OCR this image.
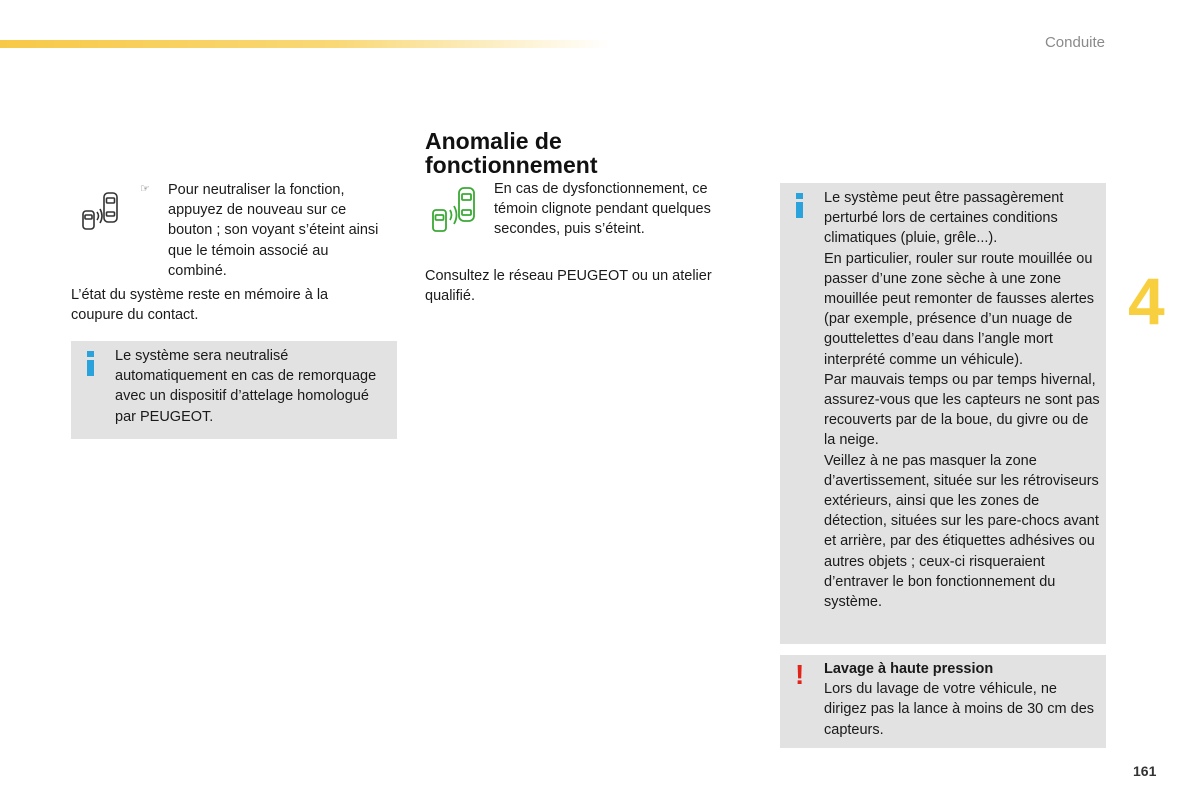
Conduite
4
☞ Pour neutraliser la fonction, appuyez de nouveau sur ce bouton ; son voyant s’éteint ainsi que le témoin associé au combiné.
L’état du système reste en mémoire à la coupure du contact.
Le système sera neutralisé automatiquement en cas de remorquage avec un dispositif d’attelage homologué par PEUGEOT.
Anomalie de fonctionnement
En cas de dysfonctionnement, ce témoin clignote pendant quelques secondes, puis s’éteint.
Consultez le réseau PEUGEOT ou un atelier qualifié.
Le système peut être passagèrement perturbé lors de certaines conditions climatiques (pluie, grêle...).
En particulier, rouler sur route mouillée ou passer d’une zone sèche à une zone mouillée peut remonter de fausses alertes (par exemple, présence d’un nuage de gouttelettes d’eau dans l’angle mort interprété comme un véhicule).
Par mauvais temps ou par temps hivernal, assurez-vous que les capteurs ne sont pas recouverts par de la boue, du givre ou de la neige.
Veillez à ne pas masquer la zone d’avertissement, située sur les rétroviseurs extérieurs, ainsi que les zones de détection, situées sur les pare-chocs avant et arrière, par des étiquettes adhésives ou autres objets ; ceux-ci risqueraient d’entraver le bon fonctionnement du système.
! Lavage à haute pression
Lors du lavage de votre véhicule, ne dirigez pas la lance à moins de 30 cm des capteurs.
161
